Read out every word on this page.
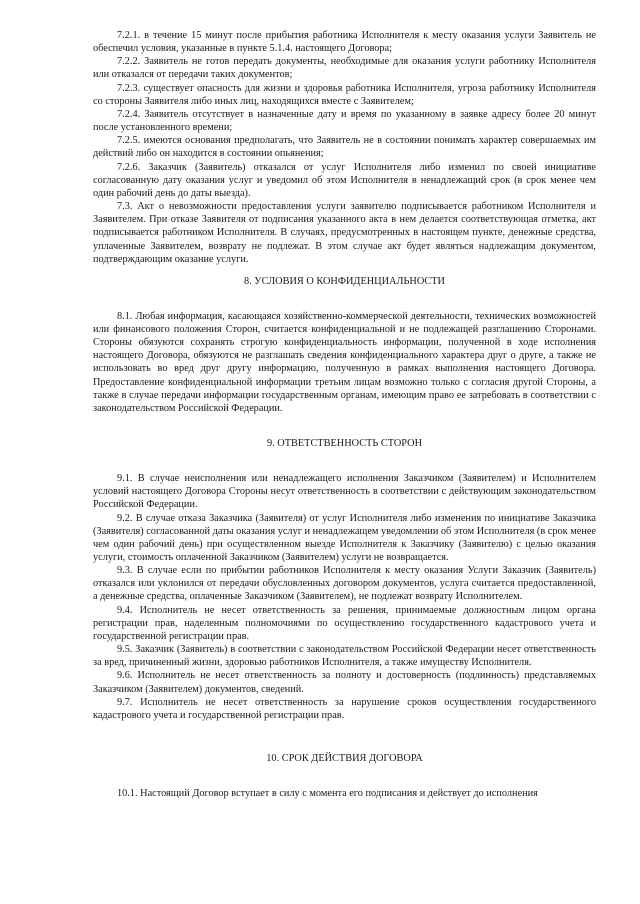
7.2.1. в течение 15 минут после прибытия работника Исполнителя к месту оказания услуги Заявитель не обеспечил условия, указанные в пункте 5.1.4. настоящего Договора;

7.2.2. Заявитель не готов передать документы, необходимые для оказания услуги работнику Исполнителя или отказался от передачи таких документов;

7.2.3. существует опасность для жизни и здоровья работника Исполнителя, угроза работнику Исполнителя со стороны Заявителя либо иных лиц, находящихся вместе с Заявителем;

7.2.4. Заявитель отсутствует в назначенные дату и время по указанному в заявке адресу более 20 минут после установленного времени;

7.2.5. имеются основания предполагать, что Заявитель не в состоянии понимать характер совершаемых им действий либо он находится в состоянии опьянения;

7.2.6. Заказчик (Заявитель) отказался от услуг Исполнителя либо изменил по своей инициативе согласованную дату оказания услуг и уведомил об этом Исполнителя в ненадлежащий срок (в срок менее чем один рабочий день до даты выезда).

7.3. Акт о невозможности предоставления услуги заявителю подписывается работником Исполнителя и Заявителем. При отказе Заявителя от подписания указанного акта в нем делается соответствующая отметка, акт подписывается работником Исполнителя. В случаях, предусмотренных в настоящем пункте, денежные средства, уплаченные Заявителем, возврату не подлежат. В этом случае акт будет являться надлежащим документом, подтверждающим оказание услуги.

8. УСЛОВИЯ О КОНФИДЕНЦИАЛЬНОСТИ

8.1. Любая информация, касающаяся хозяйственно-коммерческой деятельности, технических возможностей или финансового положения Сторон, считается конфиденциальной и не подлежащей разглашению Сторонами. Стороны обязуются сохранять строгую конфиденциальность информации, полученной в ходе исполнения настоящего Договора, обязуются не разглашать сведения конфиденциального характера друг о друге, а также не использовать во вред друг другу информацию, полученную в рамках выполнения настоящего Договора. Предоставление конфиденциальной информации третьим лицам возможно только с согласия другой Стороны, а также в случае передачи информации государственным органам, имеющим право ее затребовать в соответствии с законодательством Российской Федерации.

9. ОТВЕТСТВЕННОСТЬ СТОРОН

9.1. В случае неисполнения или ненадлежащего исполнения Заказчиком (Заявителем) и Исполнителем условий настоящего Договора Стороны несут ответственность в соответствии с действующим законодательством Российской Федерации.

9.2. В случае отказа Заказчика (Заявителя) от услуг Исполнителя либо изменения по инициативе Заказчика (Заявителя) согласованной даты оказания услуг и ненадлежащем уведомлении об этом Исполнителя (в срок менее чем один рабочий день) при осуществленном выезде Исполнителя к Заказчику (Заявителю) с целью оказания услуги, стоимость оплаченной Заказчиком (Заявителем) услуги не возвращается.

9.3. В случае если по прибытии работников Исполнителя к месту оказания Услуги Заказчик (Заявитель) отказался или уклонился от передачи обусловленных договором документов, услуга считается предоставленной, а денежные средства, оплаченные Заказчиком (Заявителем), не подлежат возврату Исполнителем.

9.4. Исполнитель не несет ответственность за решения, принимаемые должностным лицом органа регистрации прав, наделенным полномочиями по осуществлению государственного кадастрового учета и государственной регистрации прав.

9.5. Заказчик (Заявитель) в соответствии с законодательством Российской Федерации несет ответственность за вред, причиненный жизни, здоровью работников Исполнителя, а также имуществу Исполнителя.

9.6. Исполнитель не несет ответственность за полноту и достоверность (подлинность) представляемых Заказчиком (Заявителем) документов, сведений.

9.7. Исполнитель не несет ответственность за нарушение сроков осуществления государственного кадастрового учета и государственной регистрации прав.

10. СРОК ДЕЙСТВИЯ ДОГОВОРА

10.1. Настоящий Договор вступает в силу с момента его подписания и действует до исполнения
